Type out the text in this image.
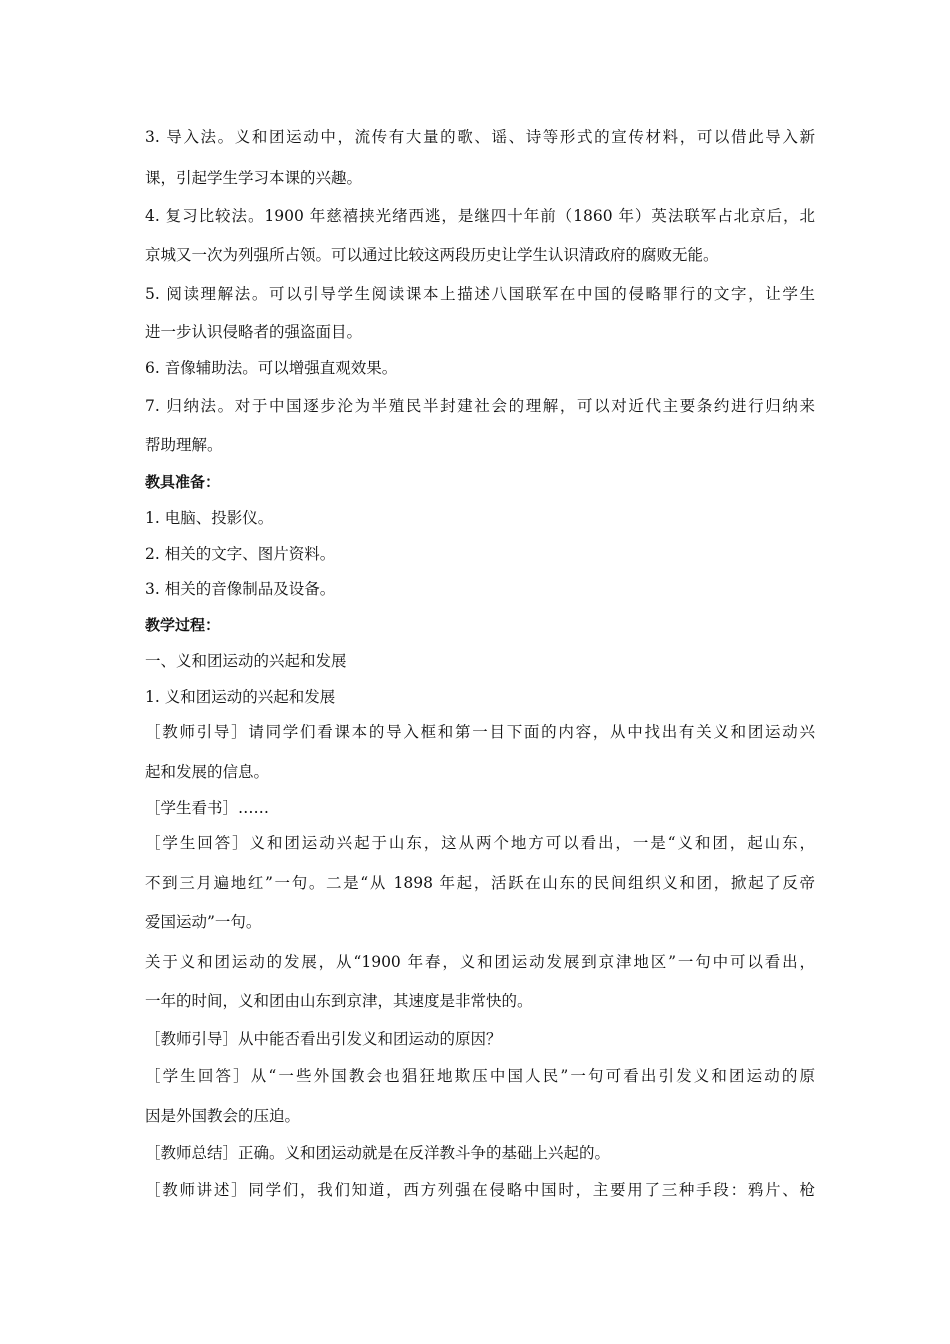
3. 导入法。义和团运动中，流传有大量的歌、谣、诗等形式的宣传材料，可以借此导入新
课，引起学生学习本课的兴趣。
4. 复习比较法。1900 年慈禧挟光绪西逃，是继四十年前（1860 年）英法联军占北京后，北
京城又一次为列强所占领。可以通过比较这两段历史让学生认识清政府的腐败无能。
5. 阅读理解法。可以引导学生阅读课本上描述八国联军在中国的侵略罪行的文字，让学生
进一步认识侵略者的强盗面目。
6. 音像辅助法。可以增强直观效果。
7. 归纳法。对于中国逐步沦为半殖民半封建社会的理解，可以对近代主要条约进行归纳来
帮助理解。
教具准备：
1. 电脑、投影仪。
2. 相关的文字、图片资料。
3. 相关的音像制品及设备。
教学过程：
一、义和团运动的兴起和发展
1. 义和团运动的兴起和发展
［教师引导］请同学们看课本的导入框和第一目下面的内容，从中找出有关义和团运动兴
起和发展的信息。
［学生看书］……
［学生回答］义和团运动兴起于山东，这从两个地方可以看出，一是“义和团，起山东，
不到三月遍地红”一句。二是“从 1898 年起，活跃在山东的民间组织义和团，掀起了反帝
爱国运动”一句。
关于义和团运动的发展，从“1900 年春，义和团运动发展到京津地区”一句中可以看出，
一年的时间，义和团由山东到京津，其速度是非常快的。
［教师引导］从中能否看出引发义和团运动的原因？
［学生回答］从“一些外国教会也猖狂地欺压中国人民”一句可看出引发义和团运动的原
因是外国教会的压迫。
［教师总结］正确。义和团运动就是在反洋教斗争的基础上兴起的。
［教师讲述］同学们，我们知道，西方列强在侵略中国时，主要用了三种手段：鸦片、枪
